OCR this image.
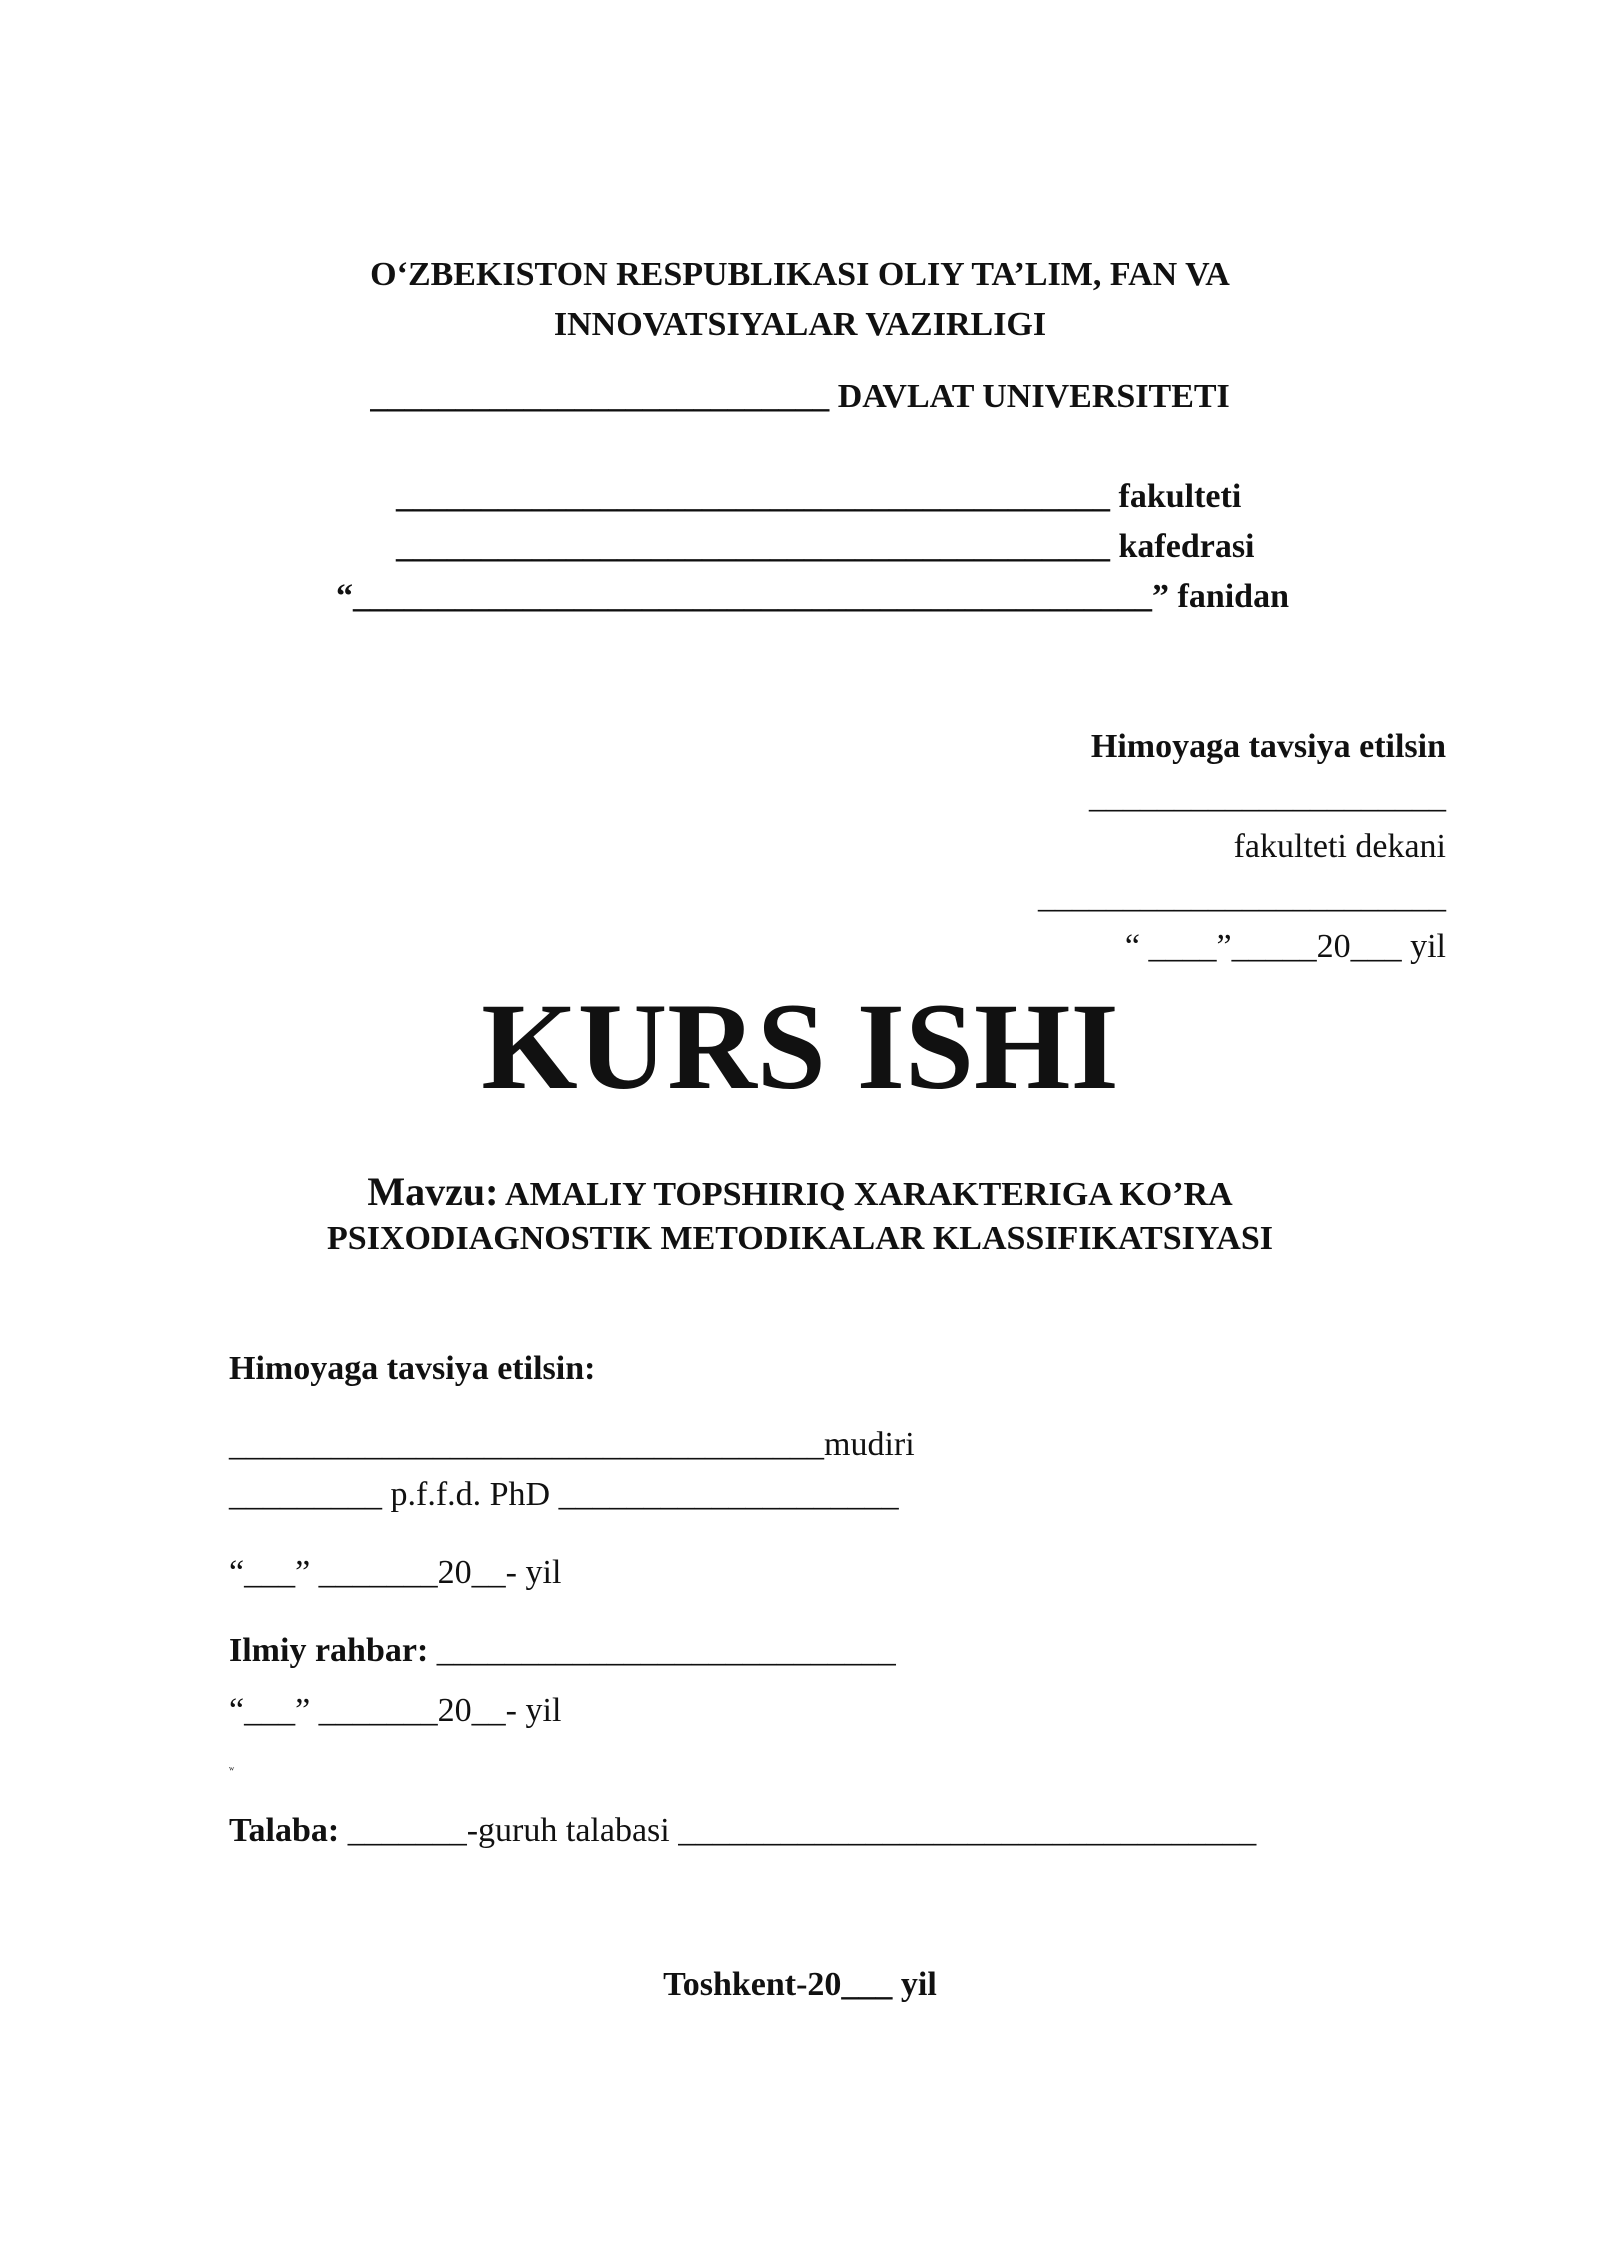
O‘ZBEKISTON RESPUBLIKASI OLIY TA’LIM, FAN VA
INNOVATSIYALAR VAZIRLIGI
___________________________ DAVLAT UNIVERSITETI
__________________________________________ fakulteti
__________________________________________ kafedrasi
“_______________________________________________” fanidan
Himoyaga tavsiya etilsin
_____________________
fakulteti dekani
________________________
“ ____”_____20___ yil
KURS ISHI
Mavzu: AMALIY TOPSHIRIQ XARAKTERIGA KO’RA
PSIXODIAGNOSTIK METODIKALAR KLASSIFIKATSIYASI
Himoyaga tavsiya etilsin:
___________________________________mudiri
_________ p.f.f.d. PhD ____________________
“___” _______20__- yil
Ilmiy rahbar: ___________________________
“___” _______20__- yil
ʷ
Talaba: _______-guruh talabasi __________________________________
Toshkent-20___ yil
